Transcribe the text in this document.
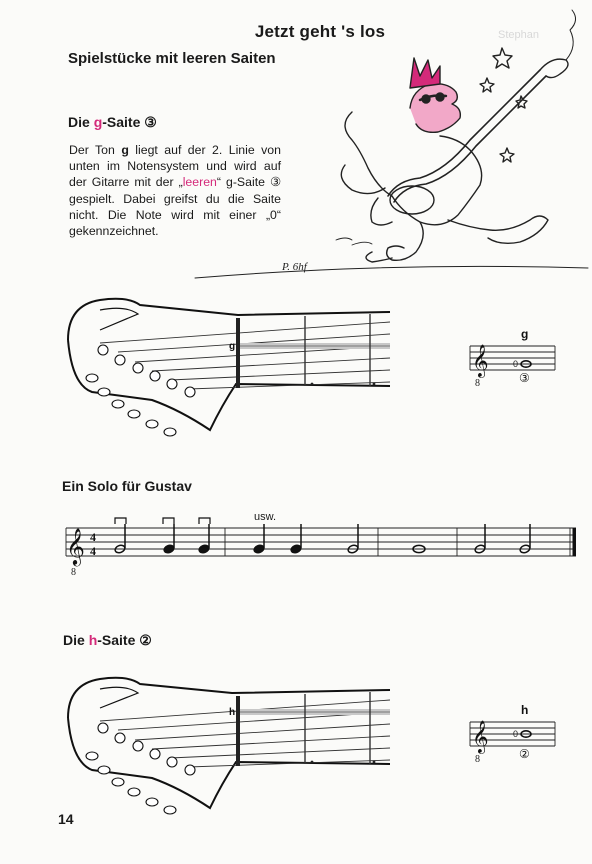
Jetzt geht 's los
Spielstücke mit leeren Saiten
Die g-Saite ③
Der Ton g liegt auf der 2. Linie von unten im Notensystem und wird auf der Gitarre mit der „leeren“ g-Saite ③ gespielt. Dabei greifst du die Saite nicht. Die Note wird mit einer „0“ gekennzeichnet.
Ein Solo für Gustav
Die h-Saite ②
usw.
14
Stephan
P. 6hf
g	𝄞
8
0
g
③
𝄞
8
4
4
h
𝄞
8
0
h
②
